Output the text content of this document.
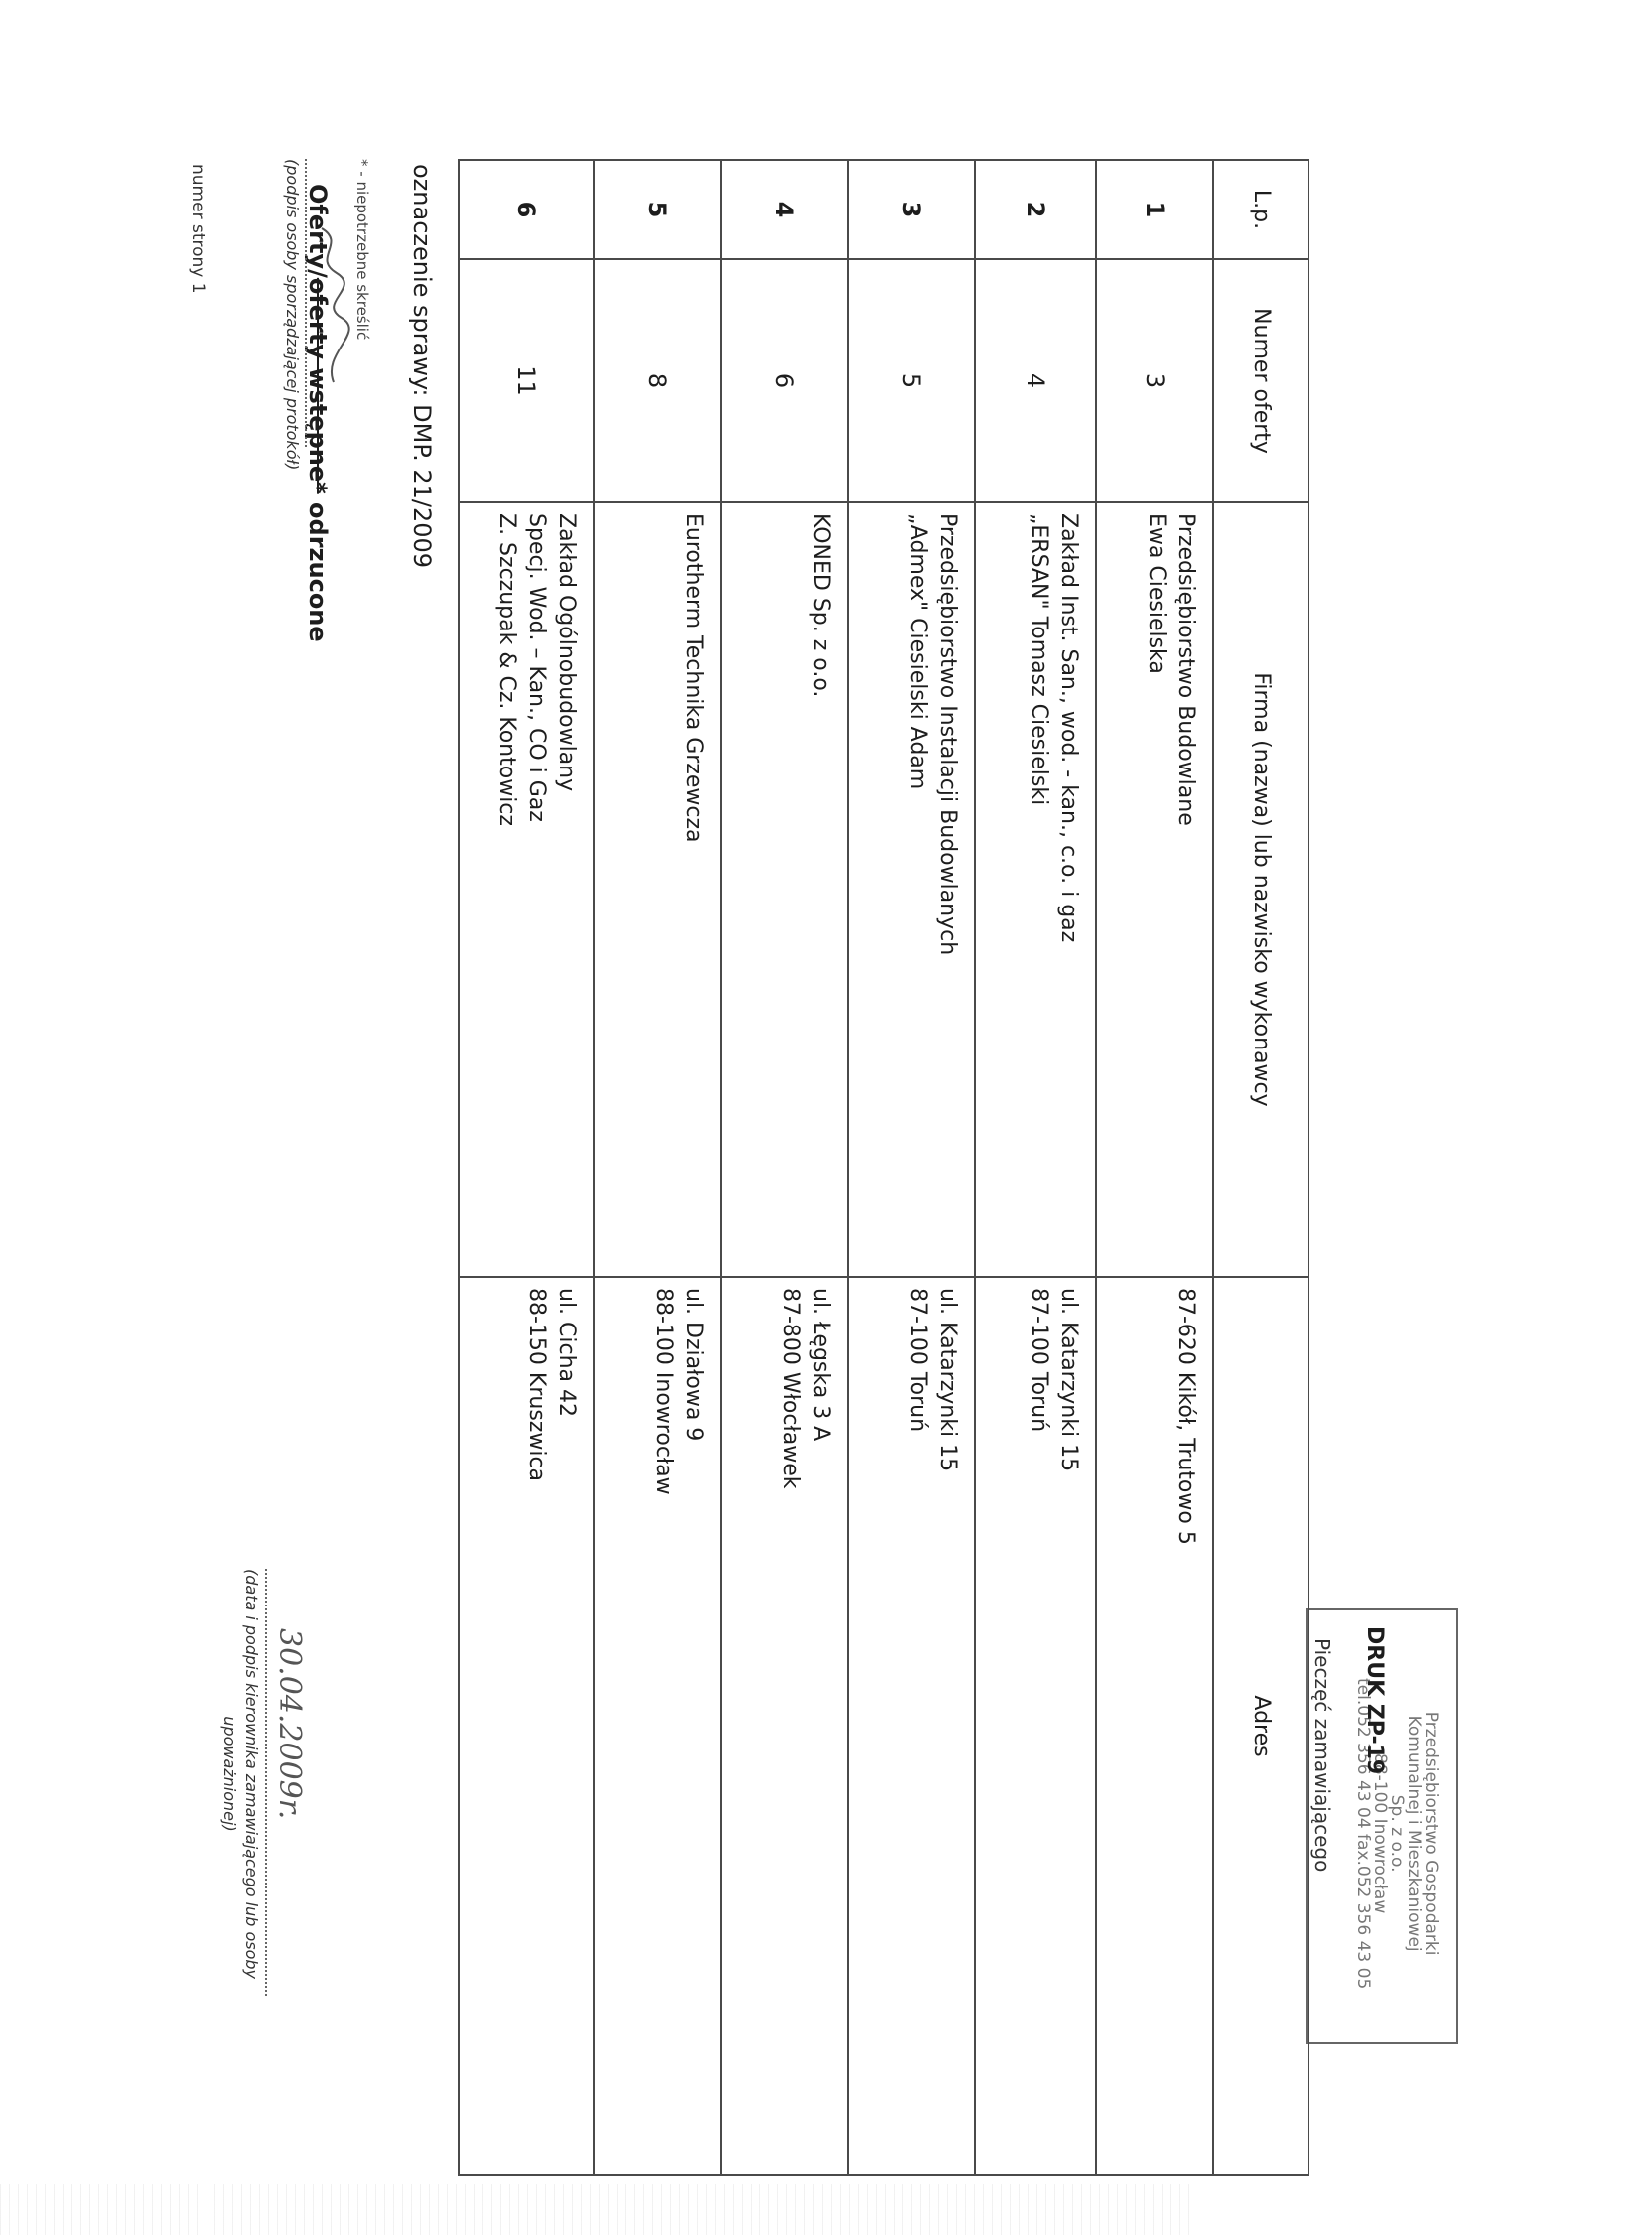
oznaczenie sprawy: DMP. 21/2009
Oferty/oferty wstępne* odrzucone
Przedsiębiorstwo Gospodarki
Komunalnej i Mieszkaniowej
Sp. z o.o.
88-100 Inowrocław
tel.052 356 43 04 fax.052 356 43 05
DRUK ZP-19
Pieczęć zamawiającego
L.p.	Numer oferty	Firma (nazwa) lub nazwisko wykonawcy	Adres
1	3	Przedsiębiorstwo Budowlane
Ewa Ciesielska	87-620 Kikół, Trutowo 5
2	4	Zakład Inst. San., wod. - kan., c.o. i gaz
„ERSAN" Tomasz Ciesielski	ul. Katarzynki 15
87-100 Toruń
3	5	Przedsiębiorstwo Instalacji Budowlanych
„Admex" Ciesielski Adam	ul. Katarzynki 15
87-100 Toruń
4	6	KONED Sp. z o.o.	ul. Łęgska 3 A
87-800 Włocławek
5	8	Eurotherm Technika Grzewcza	ul. Działowa 9
88-100 Inowrocław
6	11	Zakład Ogólnobudowlany
Specj. Wod. – Kan., CO i Gaz
Z. Szczupak & Cz. Kontowicz	ul. Cicha 42
88-150 Kruszwica
* - niepotrzebne skreślić
(podpis osoby sporządzającej protokół)
numer strony 1
30.04.2009r.
(data i podpis kierownika zamawiającego lub osoby
upoważnionej)
